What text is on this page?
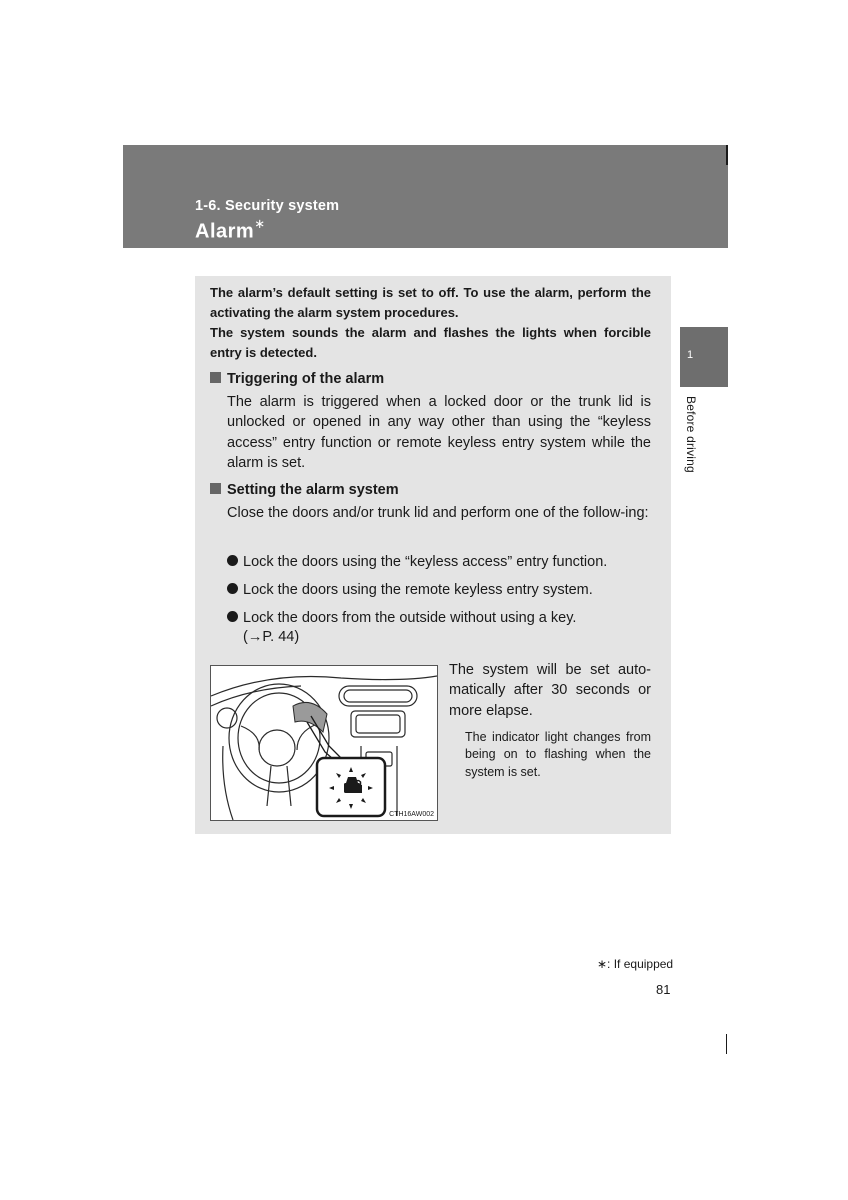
1-6. Security system
Alarm∗
1
Before driving

The alarm’s default setting is set to off. To use the alarm, perform the activating the alarm system procedures.

The system sounds the alarm and flashes the lights when forcible entry is detected.

Triggering of the alarm
The alarm is triggered when a locked door or the trunk lid is unlocked or opened in any way other than using the “keyless access” entry function or remote keyless entry system while the alarm is set.
Setting the alarm system
Close the doors and/or trunk lid and perform one of the follow-ing:
Lock the doors using the “keyless access” entry function.
Lock the doors using the remote keyless entry system.
Lock the doors from the outside without using a key.
(→P. 44)
CTH16AW002
The system will be set auto-matically after 30 seconds or more elapse.
The indicator light changes from being on to flashing when the system is set.
∗: If equipped
81
